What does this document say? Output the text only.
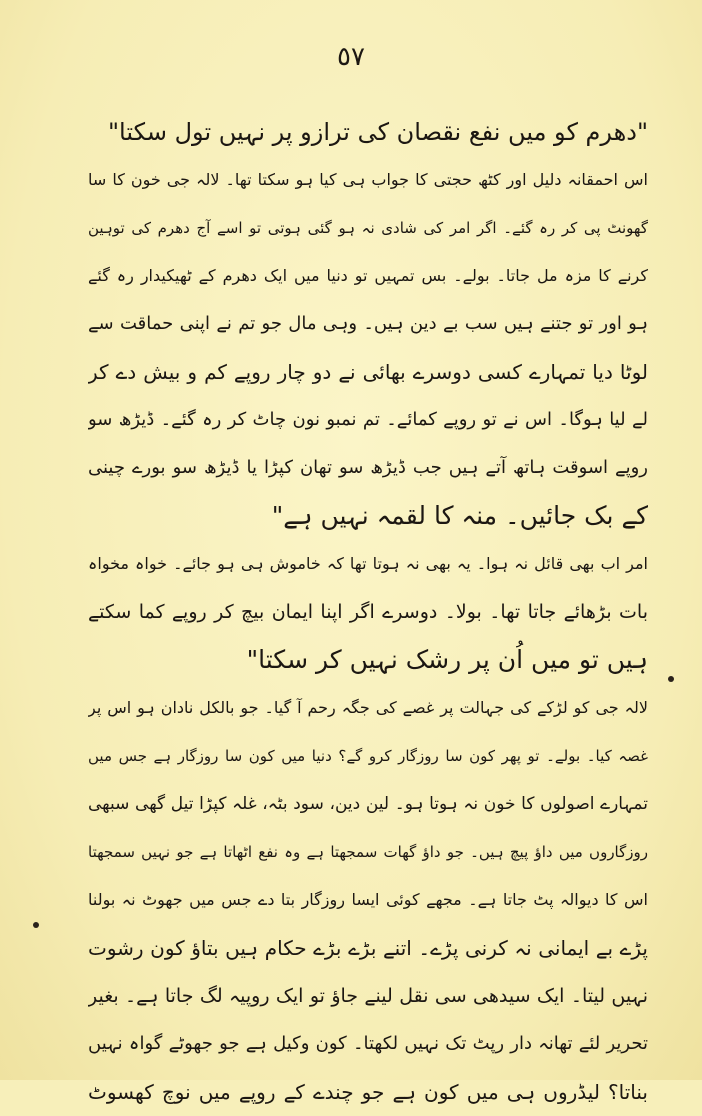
٥٧
"دھرم کو میں نفع نقصان کی ترازو پر نہیں تول سکتا"
اس احمقانہ دلیل اور کٹھ حجتی کا جواب ہی کیا ہو سکتا تھا۔ لالہ جی خون کا سا
گھونٹ پی کر رہ گئے۔ اگر امر کی شادی نہ ہو گئی ہوتی تو اسے آج دھرم کی توہین
کرنے کا مزہ مل جاتا۔ بولے۔ بس تمہیں تو دنیا میں ایک دھرم کے ٹھیکیدار رہ گئے
ہو اور تو جتنے ہیں سب بے دین ہیں۔ وہی مال جو تم نے اپنی حماقت سے
لوٹا دیا تمہارے کسی دوسرے بھائی نے دو چار روپے کم و بیش دے کر
لے لیا ہوگا۔ اس نے تو روپے کمائے۔ تم نمبو نون چاٹ کر رہ گئے۔ ڈیڑھ سو
روپے اسوقت ہاتھ آتے ہیں جب ڈیڑھ سو تھان کپڑا یا ڈیڑھ سو بورے چینی
کے بک جائیں۔ منہ کا لقمہ نہیں ہے"
امر اب بھی قائل نہ ہوا۔ یہ بھی نہ ہوتا تھا کہ خاموش ہی ہو جائے۔ خواہ مخواہ
بات بڑھائے جاتا تھا۔ بولا۔ دوسرے اگر اپنا ایمان بیچ کر روپے کما سکتے
ہیں تو میں اُن پر رشک نہیں کر سکتا"
لالہ جی کو لڑکے کی جہالت پر غصے کی جگہ رحم آ گیا۔ جو بالکل نادان ہو اس پر
غصہ کیا۔ بولے۔ تو پھر کون سا روزگار کرو گے؟ دنیا میں کون سا روزگار ہے جس میں
تمہارے اصولوں کا خون نہ ہوتا ہو۔ لین دین، سود بٹہ، غلہ کپڑا تیل گھی سبھی
روزگاروں میں داؤ پیچ ہیں۔ جو داؤ گھات سمجھتا ہے وہ نفع اٹھاتا ہے جو نہیں سمجھتا
اس کا دیوالہ پٹ جاتا ہے۔ مجھے کوئی ایسا روزگار بتا دے جس میں جھوٹ نہ بولنا
پڑے بے ایمانی نہ کرنی پڑے۔ اتنے بڑے بڑے حکام ہیں بتاؤ کون رشوت
نہیں لیتا۔ ایک سیدھی سی نقل لینے جاؤ تو ایک روپیہ لگ جاتا ہے۔ بغیر
تحریر لئے تھانہ دار رپٹ تک نہیں لکھتا۔ کون وکیل ہے جو جھوٹے گواہ نہیں
بناتا؟ لیڈروں ہی میں کون ہے جو چندے کے روپے میں نوچ کھسوٹ
